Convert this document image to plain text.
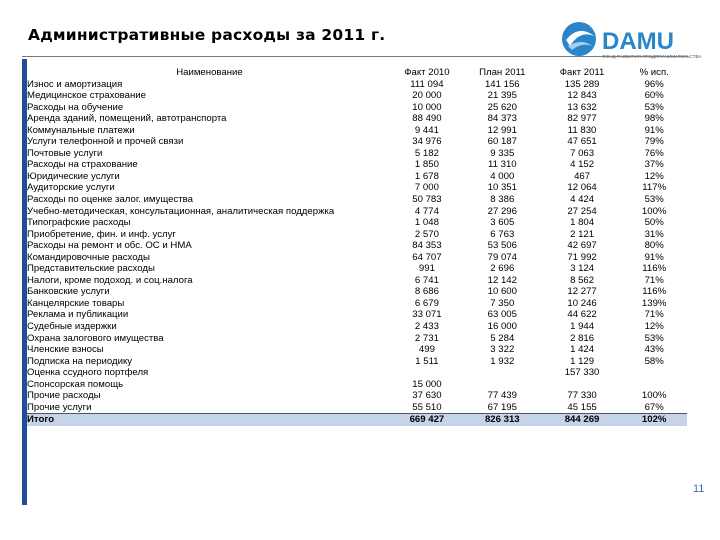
Административные расходы за 2011 г.	DAMU
ФОНД РАЗВИТИЯ ПРЕДПРИНИМАТЕЛЬСТВА
Наименование	Факт 2010	План 2011	Факт 2011	% исп.
Износ и амортизация	111 094	141 156	135 289	96%
Медицинское страхование	20 000	21 395	12 843	60%
Расходы на обучение	10 000	25 620	13 632	53%
Аренда зданий, помещений, автотранспорта	88 490	84 373	82 977	98%
Коммунальные платежи	9 441	12 991	11 830	91%
Услуги телефонной и прочей связи	34 976	60 187	47 651	79%
Почтовые услуги	5 182	9 335	7 063	76%
Расходы на страхование	1 850	11 310	4 152	37%
Юридические услуги	1 678	4 000	467	12%
Аудиторские услуги	7 000	10 351	12 064	117%
Расходы по оценке залог. имущества	50 783	8 386	4 424	53%
Учебно-методическая, консультационная, аналитическая поддержка	4 774	27 296	27 254	100%
Типографские расходы	1 048	3 605	1 804	50%
Приобретение, фин. и инф. услуг	2 570	6 763	2 121	31%
Расходы на ремонт и обс. ОС и НМА	84 353	53 506	42 697	80%
Командировочные расходы	64 707	79 074	71 992	91%
Представительские расходы	991	2 696	3 124	116%
Налоги, кроме подоход. и соц.налога	6 741	12 142	8 562	71%
Банковские услуги	8 686	10 600	12 277	116%
Канцелярские товары	6 679	7 350	10 246	139%
Реклама и публикации	33 071	63 005	44 622	71%
Судебные издержки	2 433	16 000	1 944	12%
Охрана залогового имущества	2 731	5 284	2 816	53%
Членские взносы	499	3 322	1 424	43%
Подписка на периодику	1 511	1 932	1 129	58%
Оценка ссудного портфеля			157 330	
Спонсорская помощь	15 000			
Прочие расходы	37 630	77 439	77 330	100%
Прочие услуги	55 510	67 195	45 155	67%
Итого	669 427	826 313	844 269	102%
11
